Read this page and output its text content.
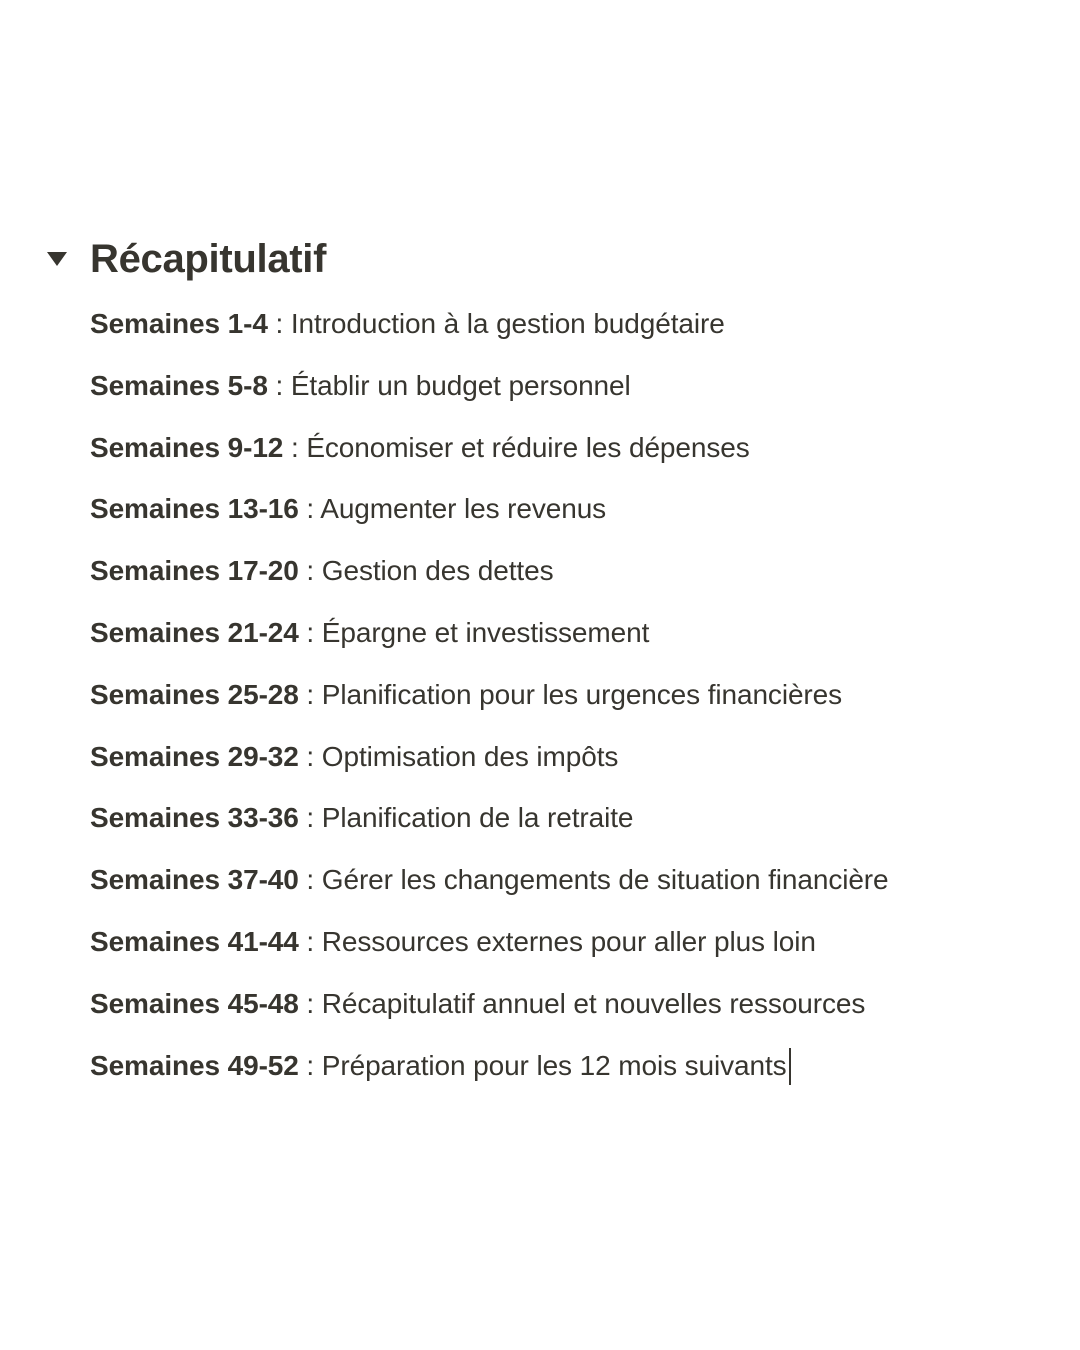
Récapitulatif
Semaines 1-4 : Introduction à la gestion budgétaire
Semaines 5-8 : Établir un budget personnel
Semaines 9-12 : Économiser et réduire les dépenses
Semaines 13-16 : Augmenter les revenus
Semaines 17-20 : Gestion des dettes
Semaines 21-24 : Épargne et investissement
Semaines 25-28 : Planification pour les urgences financières
Semaines 29-32 : Optimisation des impôts
Semaines 33-36 : Planification de la retraite
Semaines 37-40 : Gérer les changements de situation financière
Semaines 41-44 : Ressources externes pour aller plus loin
Semaines 45-48 : Récapitulatif annuel et nouvelles ressources
Semaines 49-52 : Préparation pour les 12 mois suivants
